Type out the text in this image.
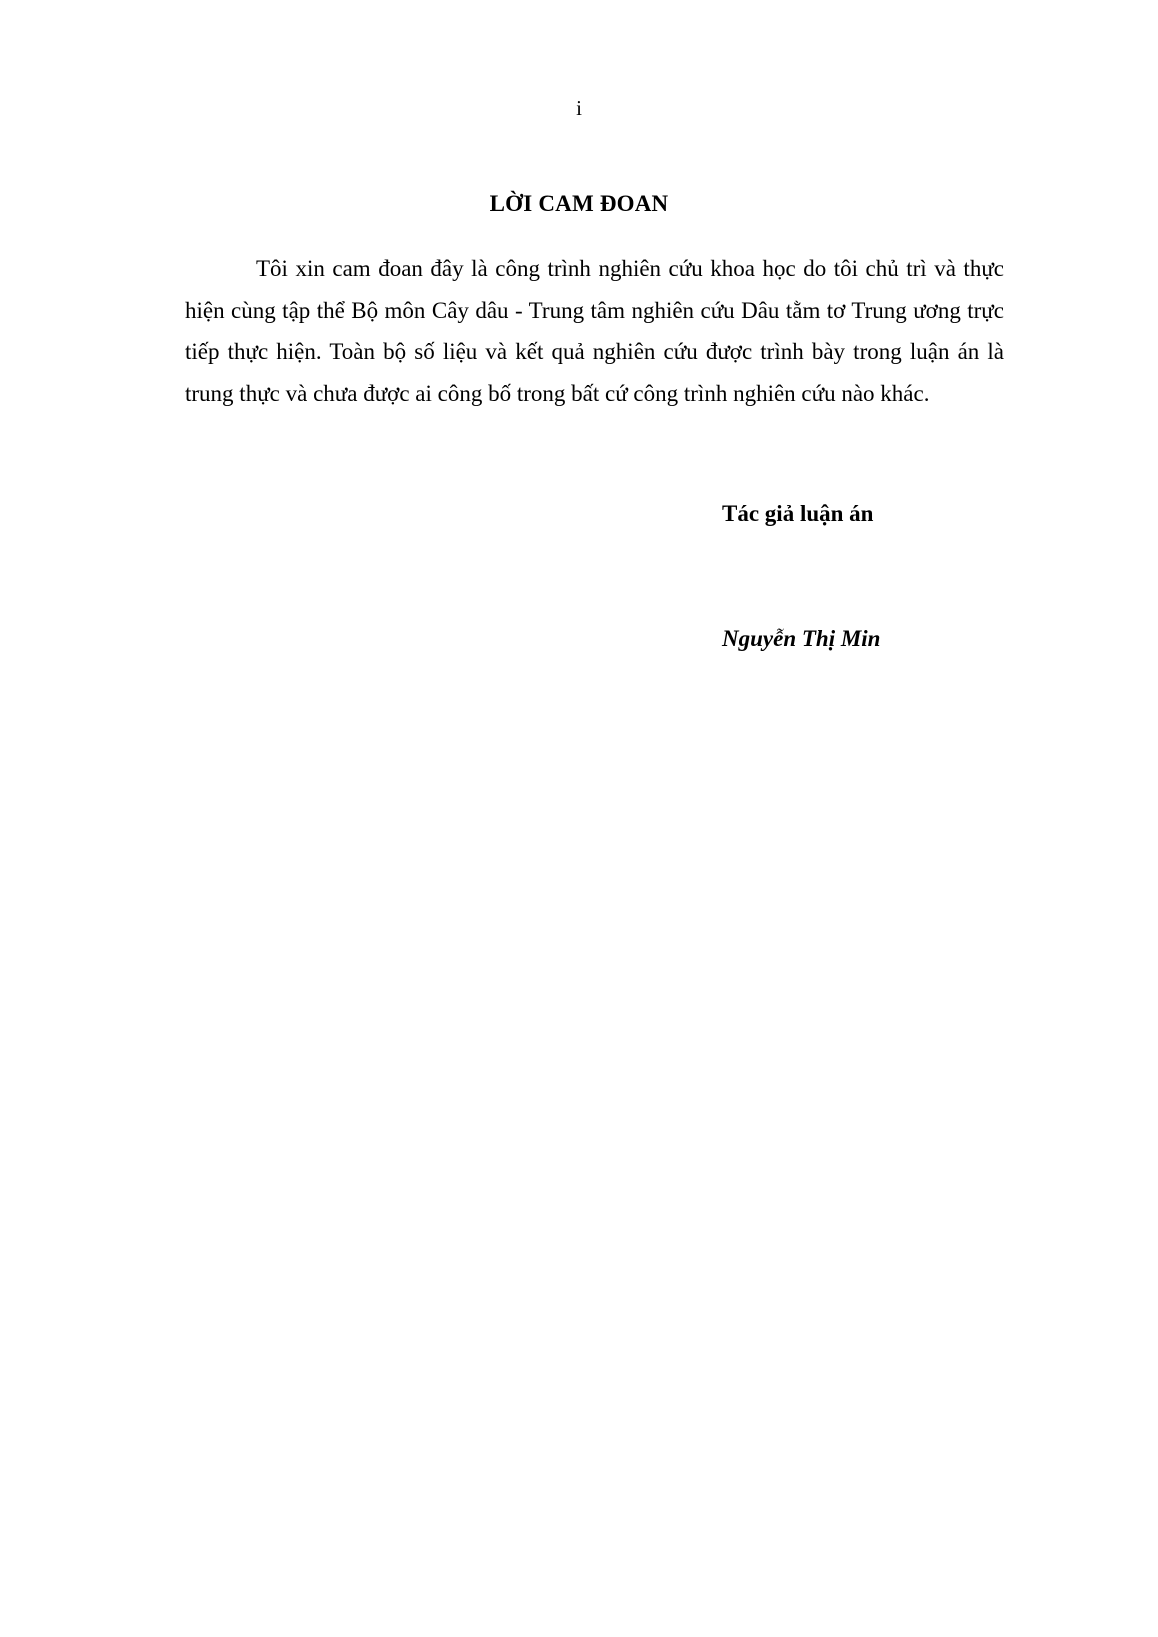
i
LỜI CAM ĐOAN

Tôi xin cam đoan đây là công trình nghiên cứu khoa học do tôi chủ trì và thực hiện cùng tập thể Bộ môn Cây dâu - Trung tâm nghiên cứu Dâu tằm tơ Trung ương trực tiếp thực hiện. Toàn bộ số liệu và kết quả nghiên cứu được trình bày trong luận án là trung thực và chưa được ai công bố trong bất cứ công trình nghiên cứu nào khác.

Tác giả luận án
Nguyễn Thị Min
